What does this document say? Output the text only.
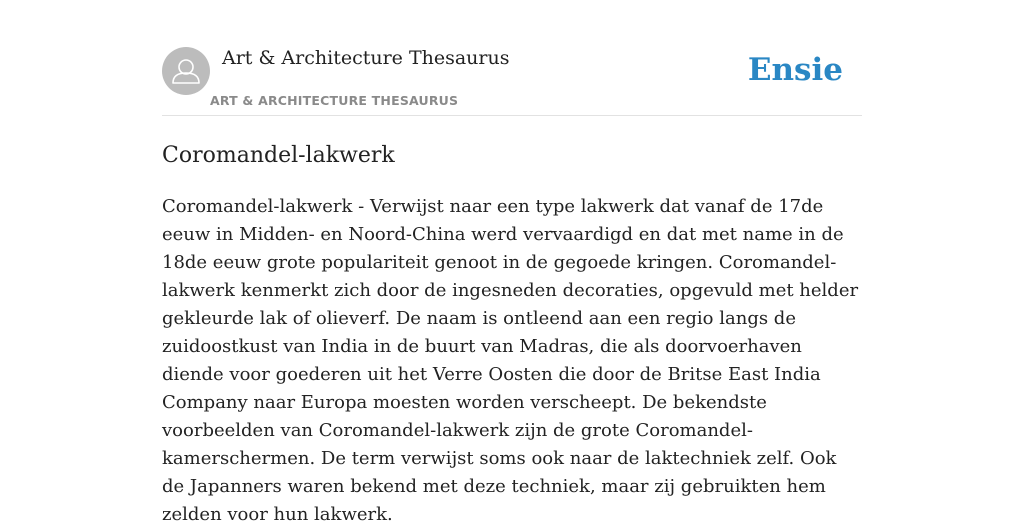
Art & Architecture Thesaurus
ART & ARCHITECTURE THESAURUS
Ensie
Coromandel-lakwerk

Coromandel-lakwerk - Verwijst naar een type lakwerk dat vanaf de 17de eeuw in Midden- en Noord-China werd vervaardigd en dat met name in de 18de eeuw grote populariteit genoot in de gegoede kringen. Coromandel-lakwerk kenmerkt zich door de ingesneden decoraties, opgevuld met helder gekleurde lak of olieverf. De naam is ontleend aan een regio langs de zuidoostkust van India in de buurt van Madras, die als doorvoerhaven diende voor goederen uit het Verre Oosten die door de Britse East India Company naar Europa moesten worden verscheept. De bekendste voorbeelden van Coromandel-lakwerk zijn de grote Coromandel-kamerschermen. De term verwijst soms ook naar de laktechniek zelf. Ook de Japanners waren bekend met deze techniek, maar zij gebruikten hem zelden voor hun lakwerk.
